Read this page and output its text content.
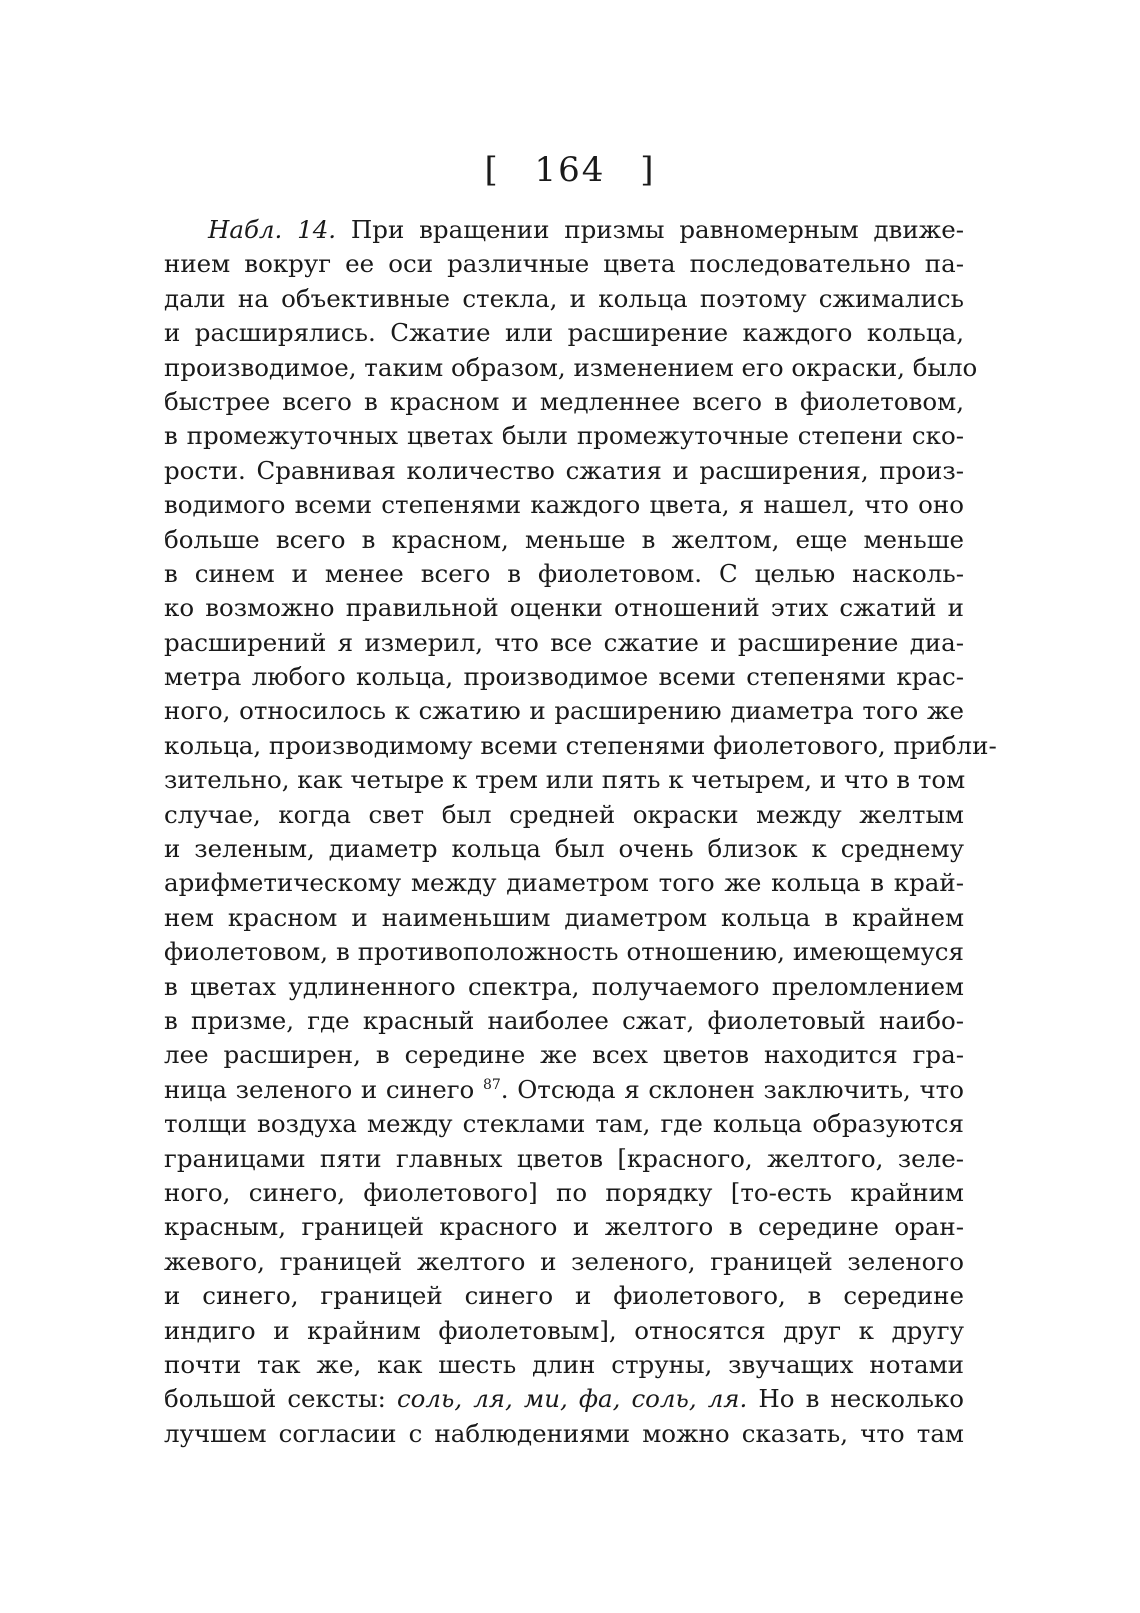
[ 164 ]
Набл. 14. При вращении призмы равномерным движе-
нием вокруг ее оси различные цвета последовательно па-
дали на объективные стекла, и кольца поэтому сжимались
и расширялись. Сжатие или расширение каждого кольца,
производимое, таким образом, изменением его окраски, было
быстрее всего в красном и медленнее всего в фиолетовом,
в промежуточных цветах были промежуточные степени ско-
рости. Сравнивая количество сжатия и расширения, произ-
водимого всеми степенями каждого цвета, я нашел, что оно
больше всего в красном, меньше в желтом, еще меньше
в синем и менее всего в фиолетовом. С целью насколь-
ко возможно правильной оценки отношений этих сжатий и
расширений я измерил, что все сжатие и расширение диа-
метра любого кольца, производимое всеми степенями крас-
ного, относилось к сжатию и расширению диаметра того же
кольца, производимому всеми степенями фиолетового, прибли-
зительно, как четыре к трем или пять к четырем, и что в том
случае, когда свет был средней окраски между желтым
и зеленым, диаметр кольца был очень близок к среднему
арифметическому между диаметром того же кольца в край-
нем красном и наименьшим диаметром кольца в крайнем
фиолетовом, в противоположность отношению, имеющемуся
в цветах удлиненного спектра, получаемого преломлением
в призме, где красный наиболее сжат, фиолетовый наибо-
лее расширен, в середине же всех цветов находится гра-
ница зеленого и синего $^{87}$. Отсюда я склонен заключить, что
толщи воздуха между стеклами там, где кольца образуются
границами пяти главных цветов [красного, желтого, зеле-
ного, синего, фиолетового] по порядку [то-есть крайним
красным, границей красного и желтого в середине оран-
жевого, границей желтого и зеленого, границей зеленого
и синего, границей синего и фиолетового, в середине
индиго и крайним фиолетовым], относятся друг к другу
почти так же, как шесть длин струны, звучащих нотами
большой сексты: соль, ля, ми, фа, соль, ля. Но в несколько
лучшем согласии с наблюдениями можно сказать, что там
